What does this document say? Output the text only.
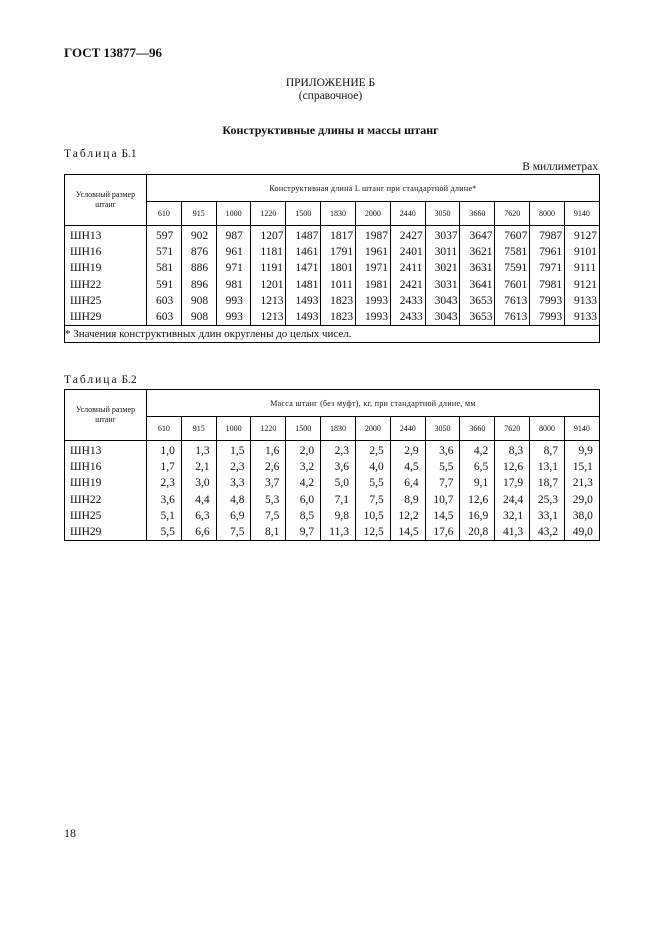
ГОСТ 13877—96
ПРИЛОЖЕНИЕ Б
(справочное)
Конструктивные длины и массы штанг
Таблица Б.1
В миллиметрах
Условный размер штанг	Конструктивная длина L штанг при стандартной длине*												
	610	915	1000	1220	1500	1830	2000	2440	3050	3660	7620	8000	9140
ШН13	597	902	987	1207	1487	1817	1987	2427	3037	3647	7607	7987	9127
ШН16	571	876	961	1181	1461	1791	1961	2401	3011	3621	7581	7961	9101
ШН19	581	886	971	1191	1471	1801	1971	2411	3021	3631	7591	7971	9111
ШН22	591	896	981	1201	1481	1011	1981	2421	3031	3641	7601	7981	9121
ШН25	603	908	993	1213	1493	1823	1993	2433	3043	3653	7613	7993	9133
ШН29	603	908	993	1213	1493	1823	1993	2433	3043	3653	7613	7993	9133
* Значения конструктивных длин округлены до целых чисел.													
Таблица Б.2
Условный размер штанг	Масса штанг (без муфт), кг, при стандартной длине, мм												
	610	915	1000	1220	1500	1830	2000	2440	3050	3660	7620	8000	9140
ШН13	1,0	1,3	1,5	1,6	2,0	2,3	2,5	2,9	3,6	4,2	8,3	8,7	9,9
ШН16	1,7	2,1	2,3	2,6	3,2	3,6	4,0	4,5	5,5	6,5	12,6	13,1	15,1
ШН19	2,3	3,0	3,3	3,7	4,2	5,0	5,5	6,4	7,7	9,1	17,9	18,7	21,3
ШН22	3,6	4,4	4,8	5,3	6,0	7,1	7,5	8,9	10,7	12,6	24,4	25,3	29,0
ШН25	5,1	6,3	6,9	7,5	8,5	9,8	10,5	12,2	14,5	16,9	32,1	33,1	38,0
ШН29	5,5	6,6	7,5	8,1	9,7	11,3	12,5	14,5	17,6	20,8	41,3	43,2	49,0
18
